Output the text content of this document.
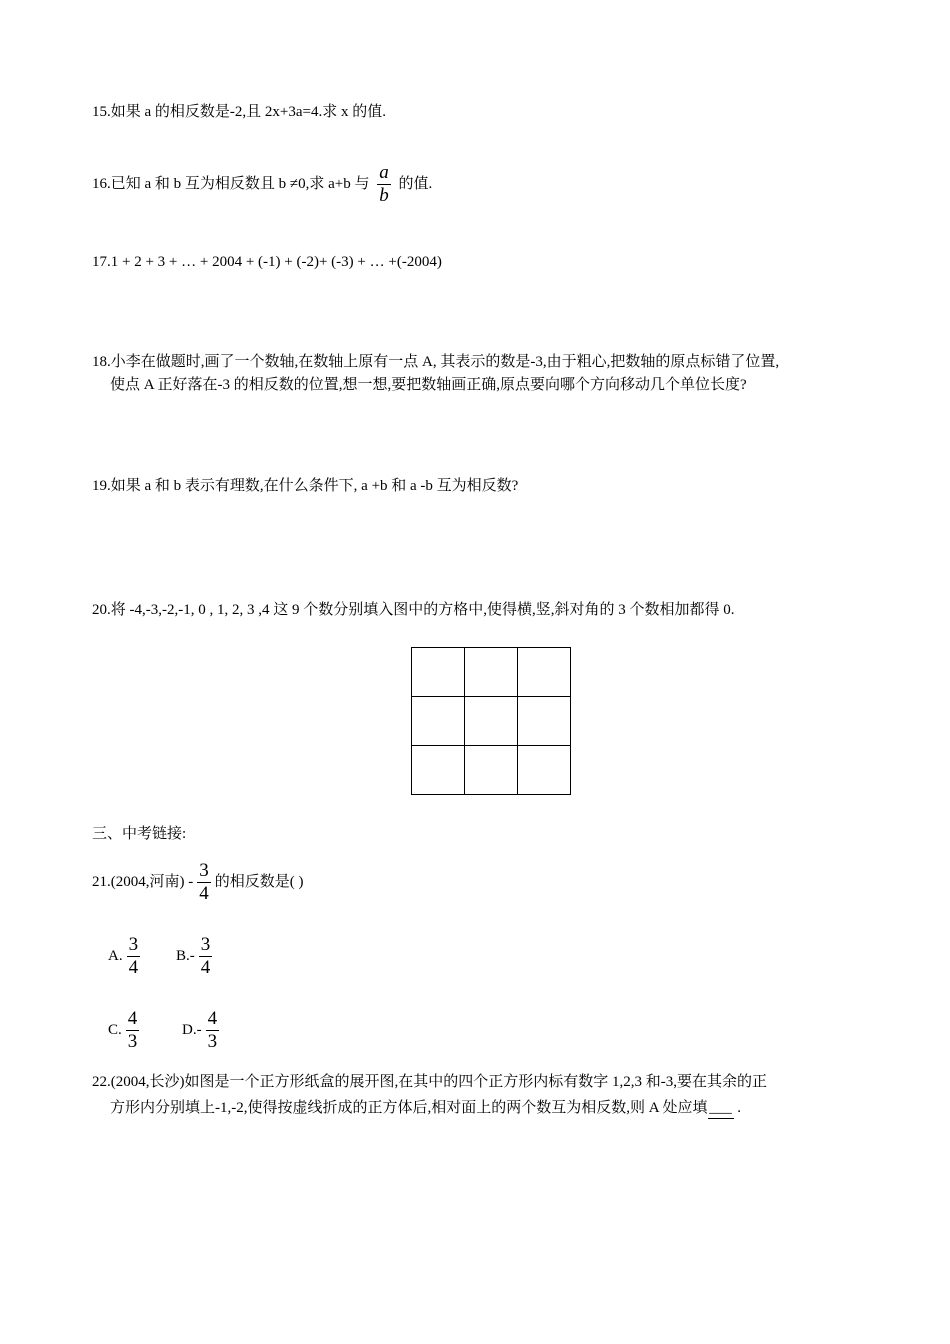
15.如果 a 的相反数是-2,且 2x+3a=4.求 x 的值.
16.已知 a 和 b 互为相反数且 b ≠0,求 a+b 与 $\frac{a}{b}$ 的值.
17.1 + 2 + 3 + … + 2004 + (-1) + (-2)+ (-3) + … +(-2004)
18.小李在做题时,画了一个数轴,在数轴上原有一点 A, 其表示的数是-3,由于粗心,把数轴的原点标错了位置,
使点 A 正好落在-3 的相反数的位置,想一想,要把数轴画正确,原点要向哪个方向移动几个单位长度?
19.如果 a 和 b 表示有理数,在什么条件下, a +b 和 a -b 互为相反数?
20.将 -4,-3,-2,-1, 0 , 1, 2, 3 ,4 这 9 个数分别填入图中的方格中,使得横,竖,斜对角的 3 个数相加都得 0.

三、中考链接:
21.(2004,河南) - $\frac{3}{4}$ 的相反数是( )
A. $\frac{3}{4} B.- \frac{3}{4}$
C. $\frac{4}{3}$	$D.- \frac{4}{3}$
22.(2004,长沙)如图是一个正方形纸盒的展开图,在其中的四个正方形内标有数字 1,2,3 和-3,要在其余的正
方形内分别填上-1,-2,使得按虚线折成的正方体后,相对面上的两个数互为相反数,则 A 处应填 ___ .
